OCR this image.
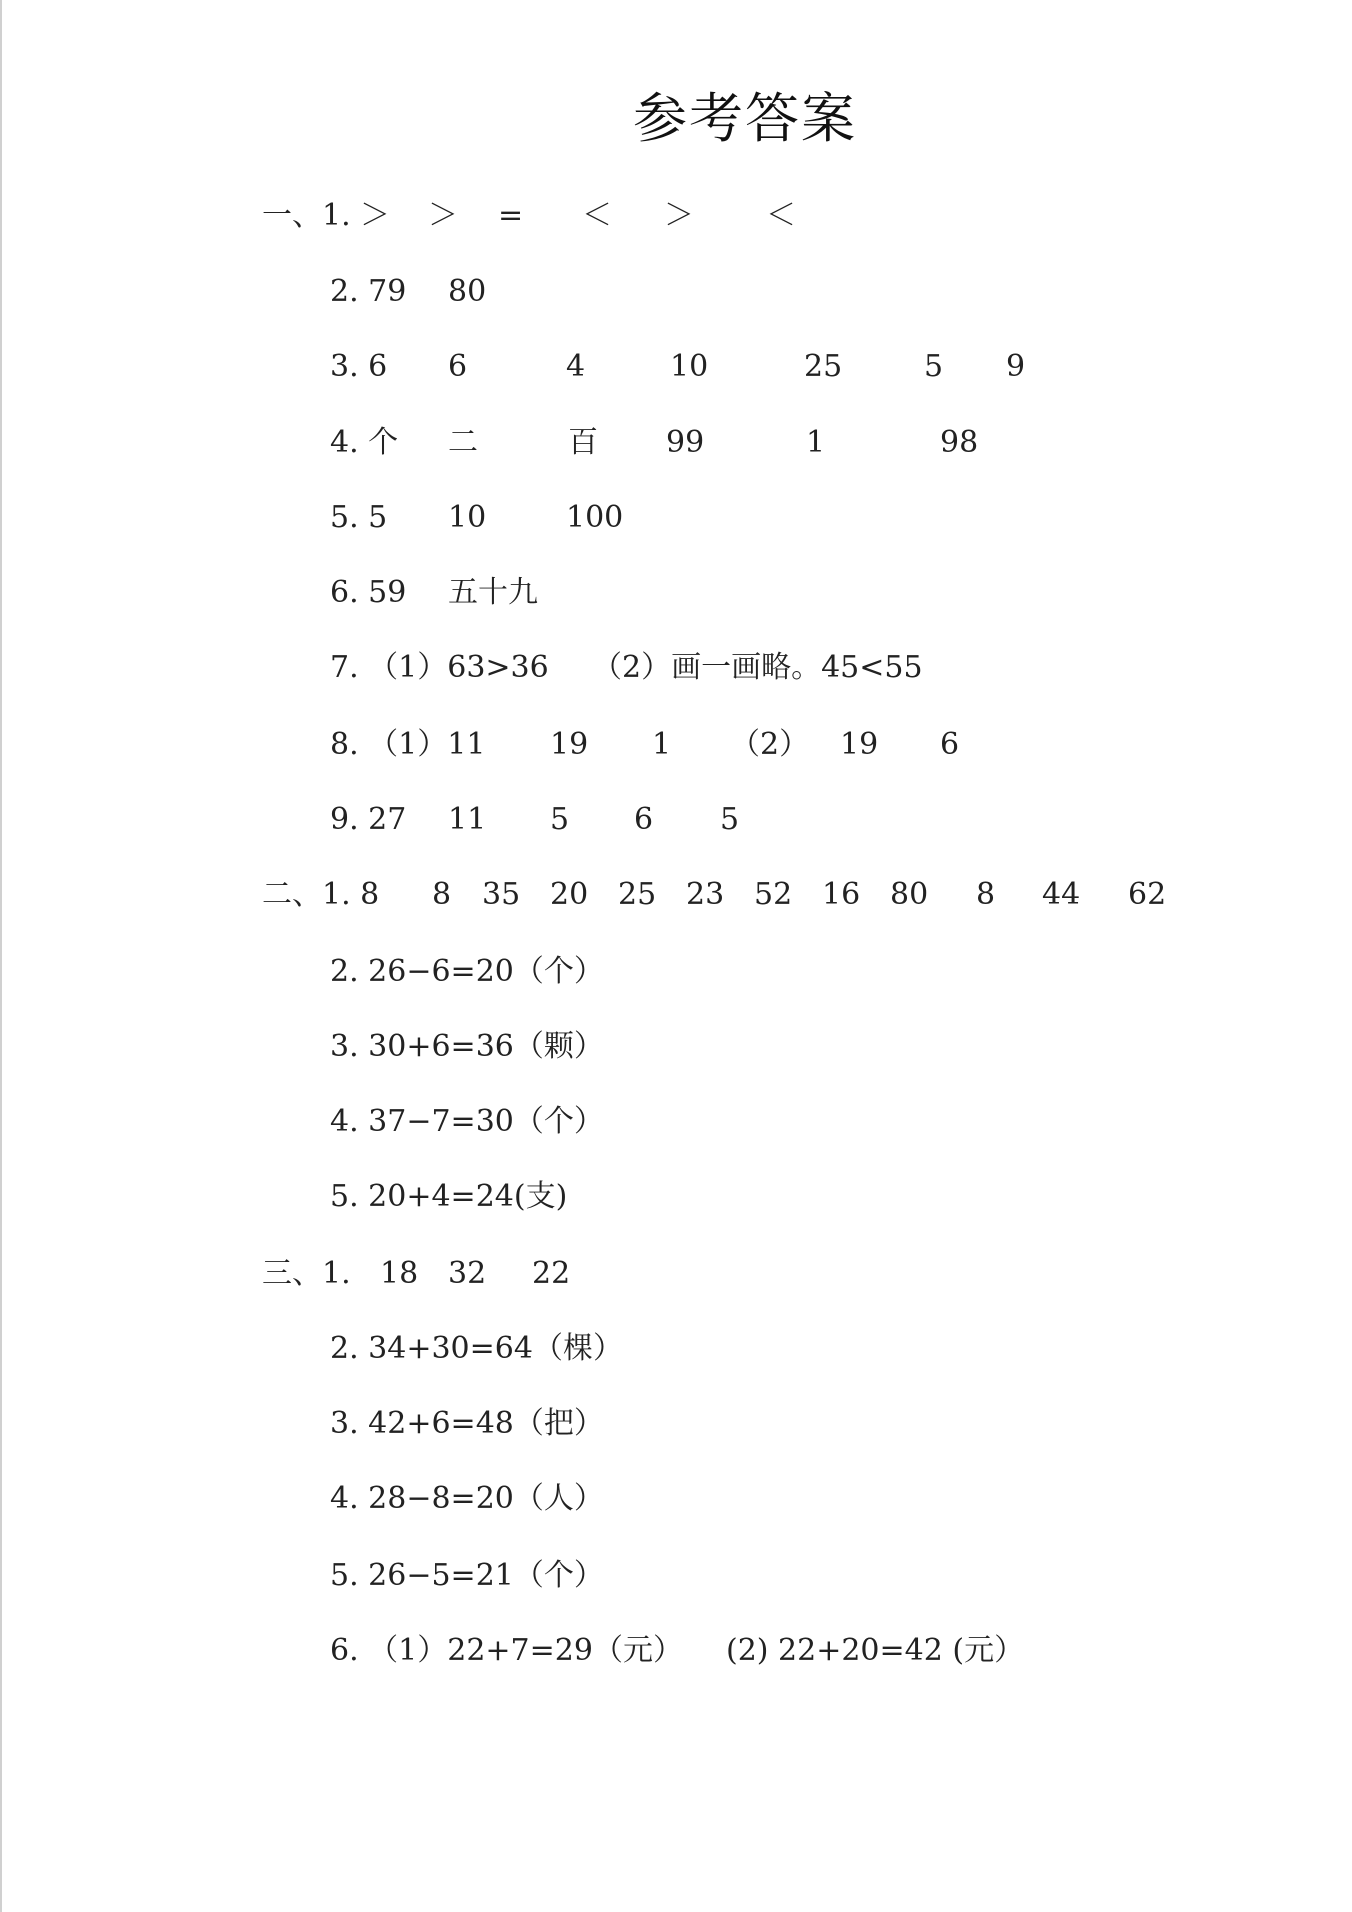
参考答案
一、1. ＞ ＞ = ＜ ＞ ＜
2. 79 80
3. 6 6	4	10	25	5 9
4. 个 二	百 99	1	98
5. 5 10	100
6. 59 五十九
7. （1）63>36 （2）画一画略。45<55
8. （1）11 19 1 （2） 19 6
9. 27 11 5 6 5
二、1. 8 8 35 20 25 23 52 16 80 8 44 62
2. 26−6=20（个）
3. 30+6=36（颗）
4. 37−7=30（个）
5. 20+4=24(支)
三、1. 18 32 22
2. 34+30=64（棵）
3. 42+6=48（把）
4. 28−8=20（人）
5. 26−5=21（个）
6. （1）22+7=29（元） (2) 22+20=42 (元）
